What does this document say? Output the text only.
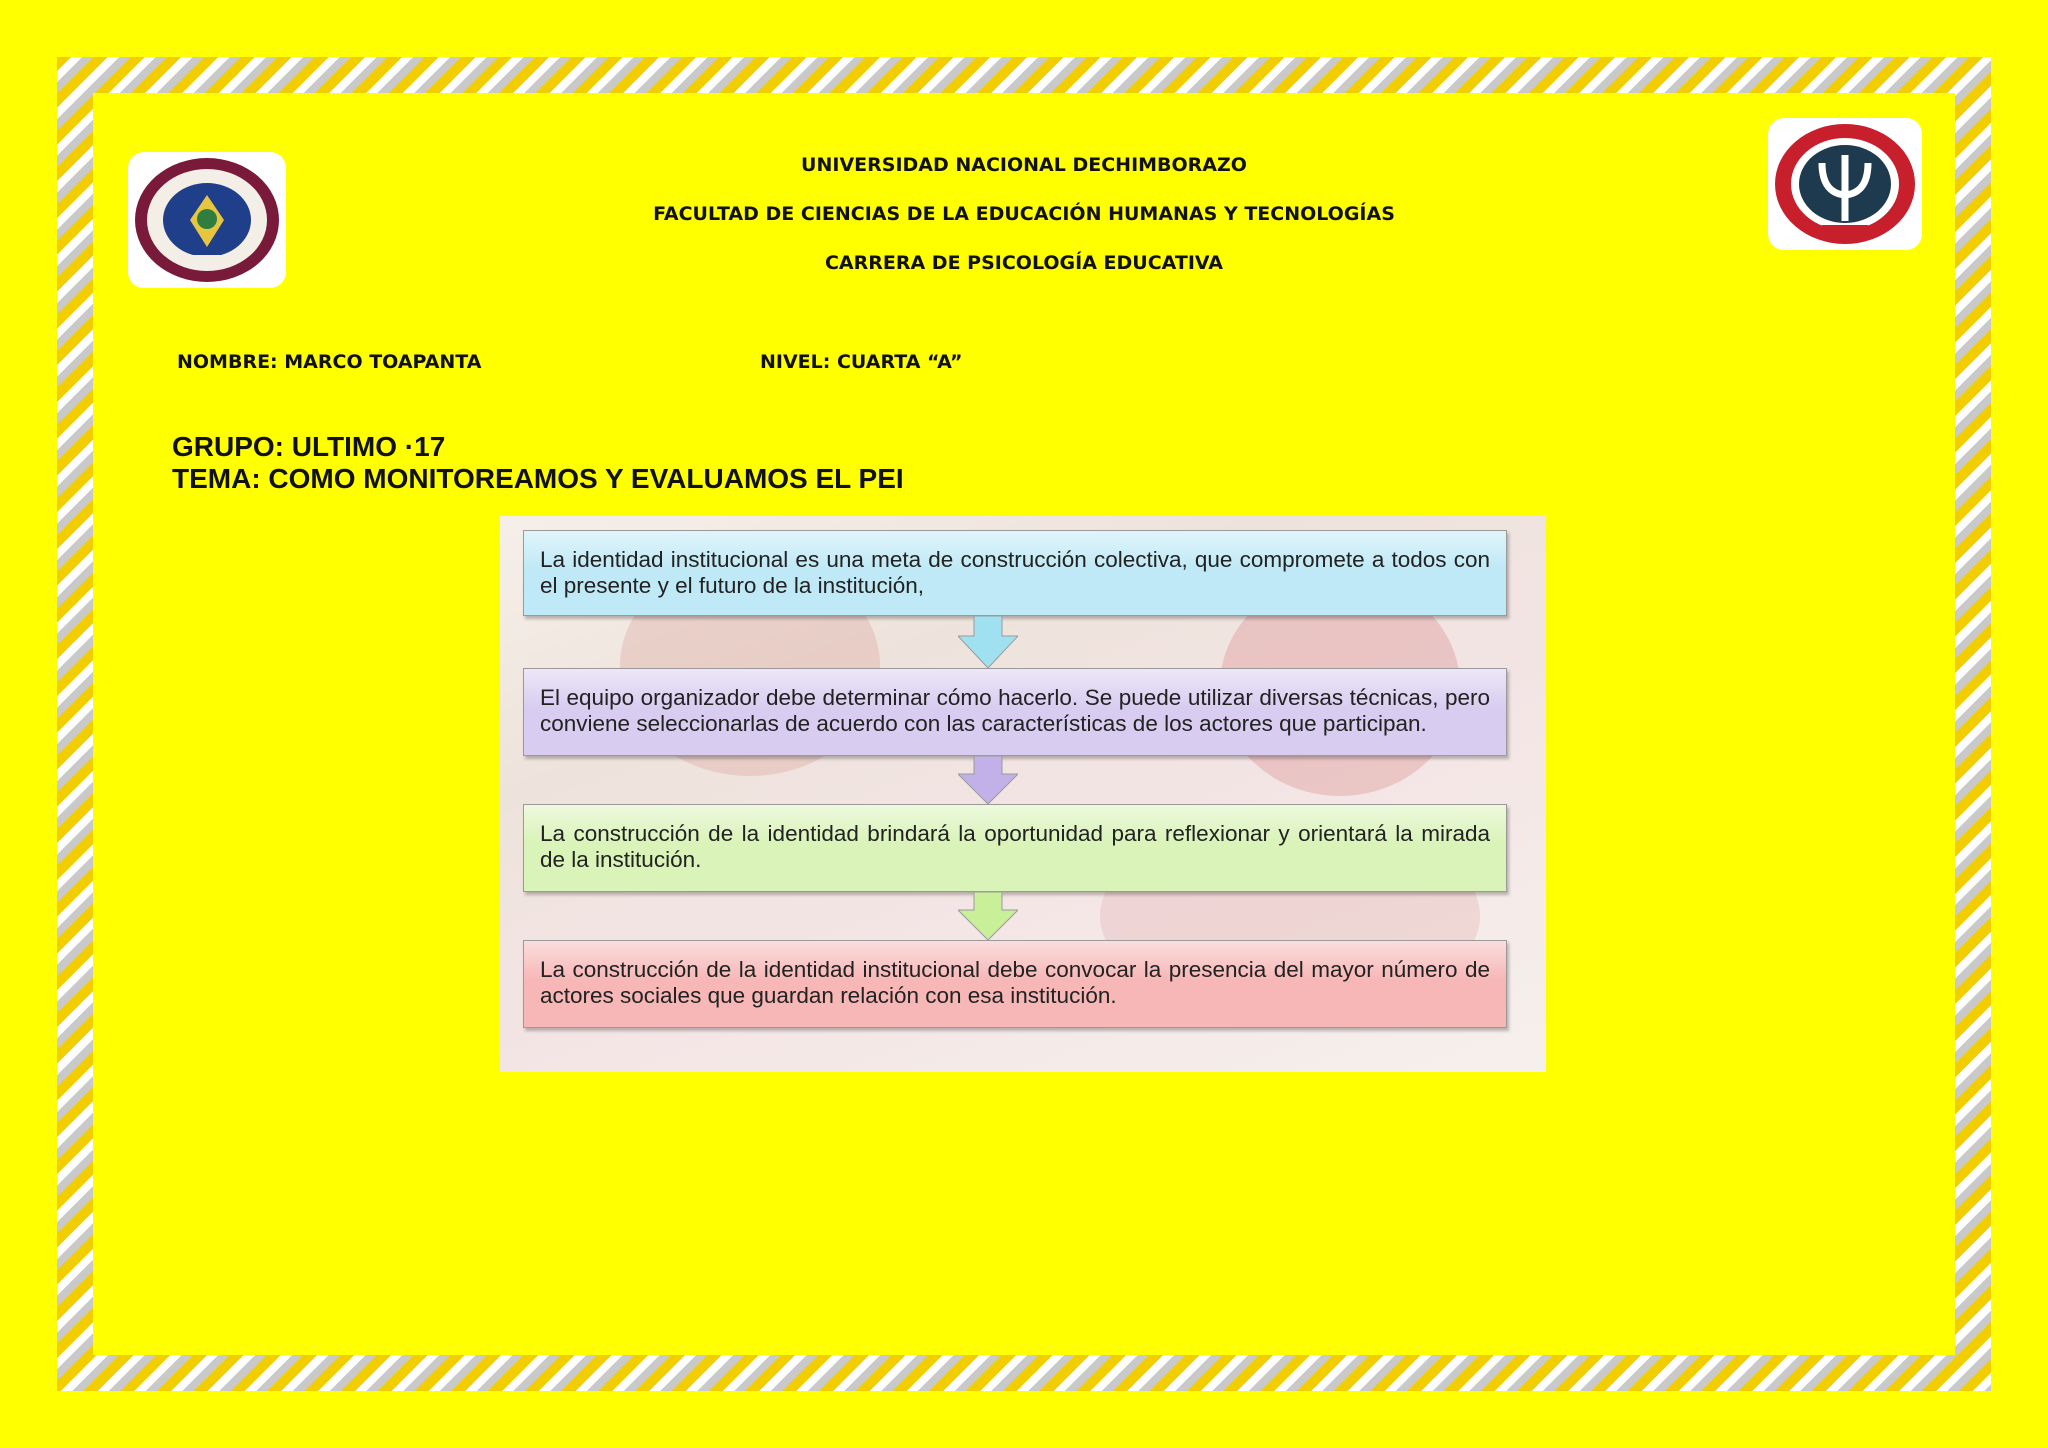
UNIVERSIDAD NACIONAL DECHIMBORAZO
FACULTAD DE CIENCIAS DE LA EDUCACIÓN HUMANAS Y TECNOLOGÍAS
CARRERA DE PSICOLOGÍA EDUCATIVA
NOMBRE: MARCO TOAPANTA	NIVEL: CUARTA “A”
GRUPO: ULTIMO ·17
TEMA: COMO MONITOREAMOS Y EVALUAMOS EL PEI
La identidad institucional es una meta de construcción colectiva, que compromete a todos con el presente y el futuro de la institución,
El equipo organizador debe determinar cómo hacerlo. Se puede utilizar diversas técnicas, pero conviene seleccionarlas de acuerdo con las características de los actores que participan.
La construcción de la identidad brindará la oportunidad para reflexionar y orientará la mirada de la institución.
La construcción de la identidad institucional debe convocar la presencia del mayor número de actores sociales que guardan relación con esa institución.
